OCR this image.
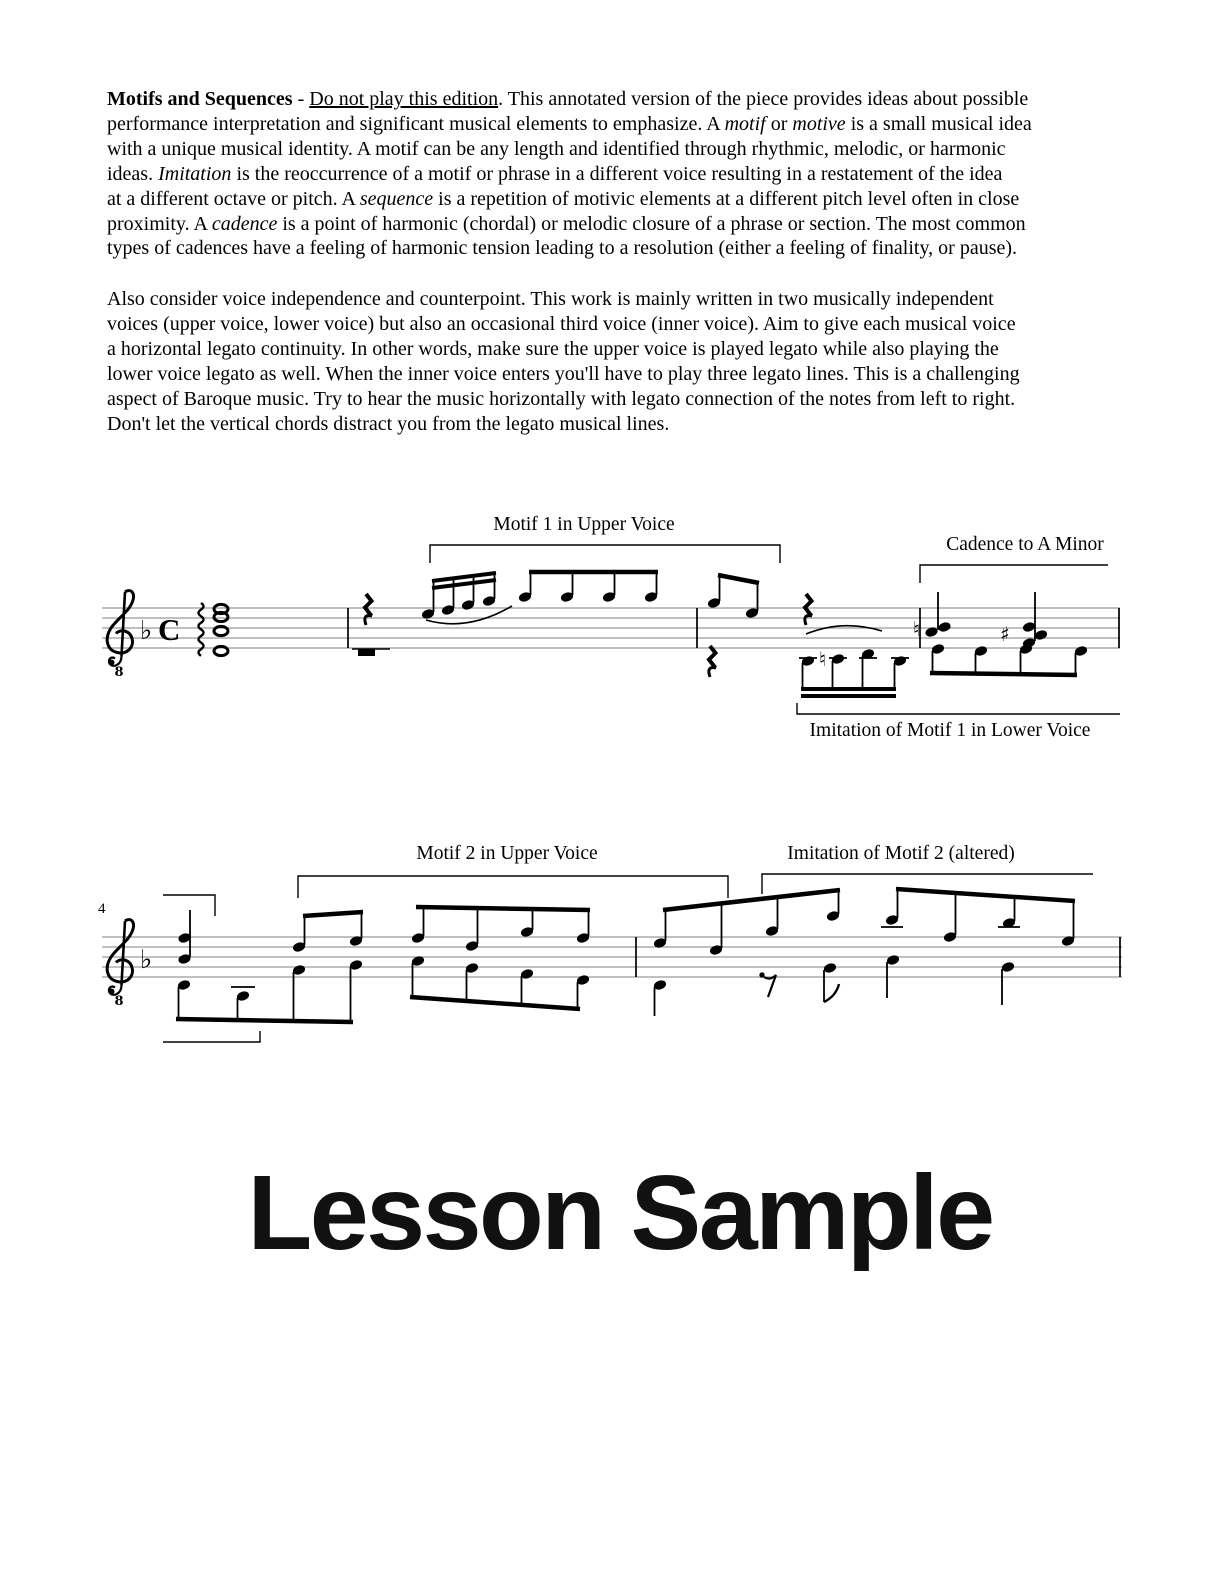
Motifs and Sequences - Do not play this edition. This annotated version of the piece provides ideas about possible
performance interpretation and significant musical elements to emphasize. A motif or motive is a small musical idea
with a unique musical identity. A motif can be any length and identified through rhythmic, melodic, or harmonic
ideas. Imitation is the reoccurrence of a motif or phrase in a different voice resulting in a restatement of the idea
at a different octave or pitch. A sequence is a repetition of motivic elements at a different pitch level often in close
proximity. A cadence is a point of harmonic (chordal) or melodic closure of a phrase or section. The most common
types of cadences have a feeling of harmonic tension leading to a resolution (either a feeling of finality, or pause).
Also consider voice independence and counterpoint. This work is mainly written in two musically independent
voices (upper voice, lower voice) but also an occasional third voice (inner voice). Aim to give each musical voice
a horizontal legato continuity. In other words, make sure the upper voice is played legato while also playing the
lower voice legato as well. When the inner voice enters you'll have to play three legato lines. This is a challenging
aspect of Baroque music. Try to hear the music horizontally with legato connection of the notes from left to right.
Don't let the vertical chords distract you from the legato musical lines.
Motif 1 in Upper Voice
Cadence to A Minor
Imitation of Motif 1 in Lower Voice
Motif 2 in Upper Voice	Imitation of Motif 2 (altered)
4
8
♭ C
♮
♮	♯
8
♭
Lesson Sample
